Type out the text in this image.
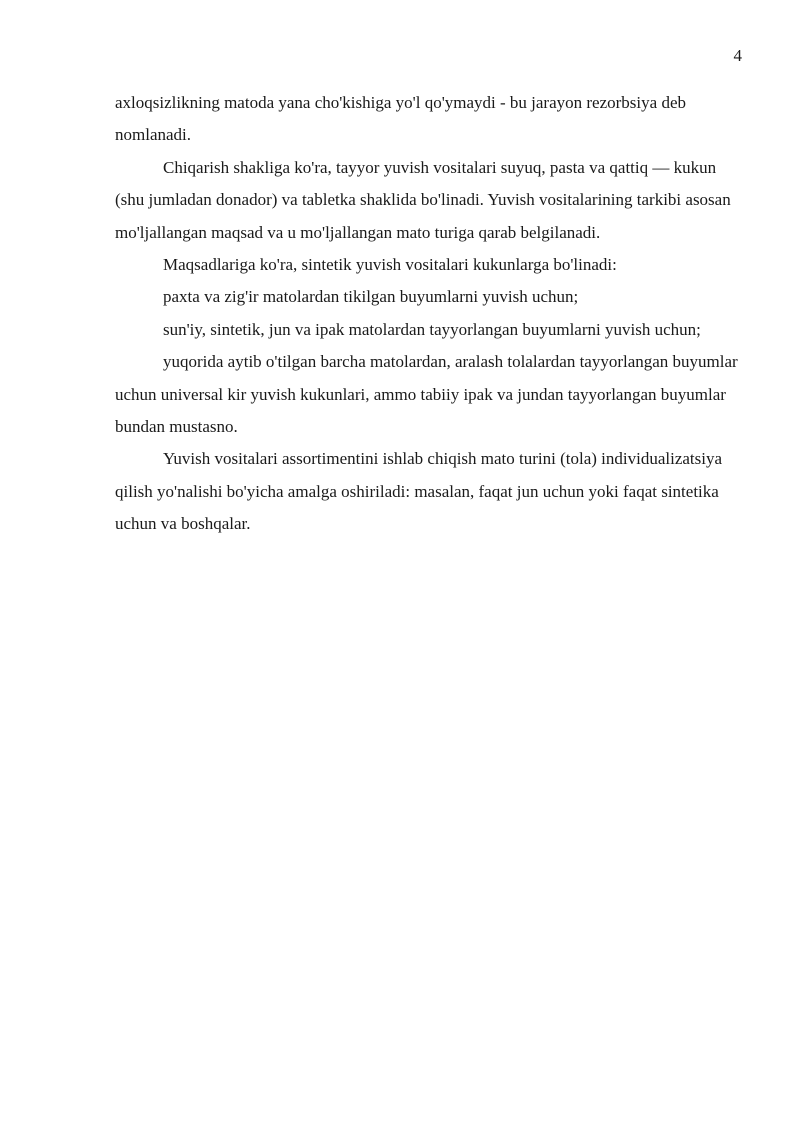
4

axloqsizlikning matoda yana cho'kishiga yo'l qo'ymaydi - bu jarayon rezorbsiya deb nomlanadi.

Chiqarish shakliga ko'ra, tayyor yuvish vositalari suyuq, pasta va qattiq — kukun (shu jumladan donador) va tabletka shaklida bo'linadi. Yuvish vositalarining tarkibi asosan mo'ljallangan maqsad va u mo'ljallangan mato turiga qarab belgilanadi.

Maqsadlariga ko'ra, sintetik yuvish vositalari kukunlarga bo'linadi:

paxta va zig'ir matolardan tikilgan buyumlarni yuvish uchun;

sun'iy, sintetik, jun va ipak matolardan tayyorlangan buyumlarni yuvish uchun;

yuqorida aytib o'tilgan barcha matolardan, aralash tolalardan tayyorlangan buyumlar uchun universal kir yuvish kukunlari, ammo tabiiy ipak va jundan tayyorlangan buyumlar bundan mustasno.

Yuvish vositalari assortimentini ishlab chiqish mato turini (tola) individualizatsiya qilish yo'nalishi bo'yicha amalga oshiriladi: masalan, faqat jun uchun yoki faqat sintetika uchun va boshqalar.
